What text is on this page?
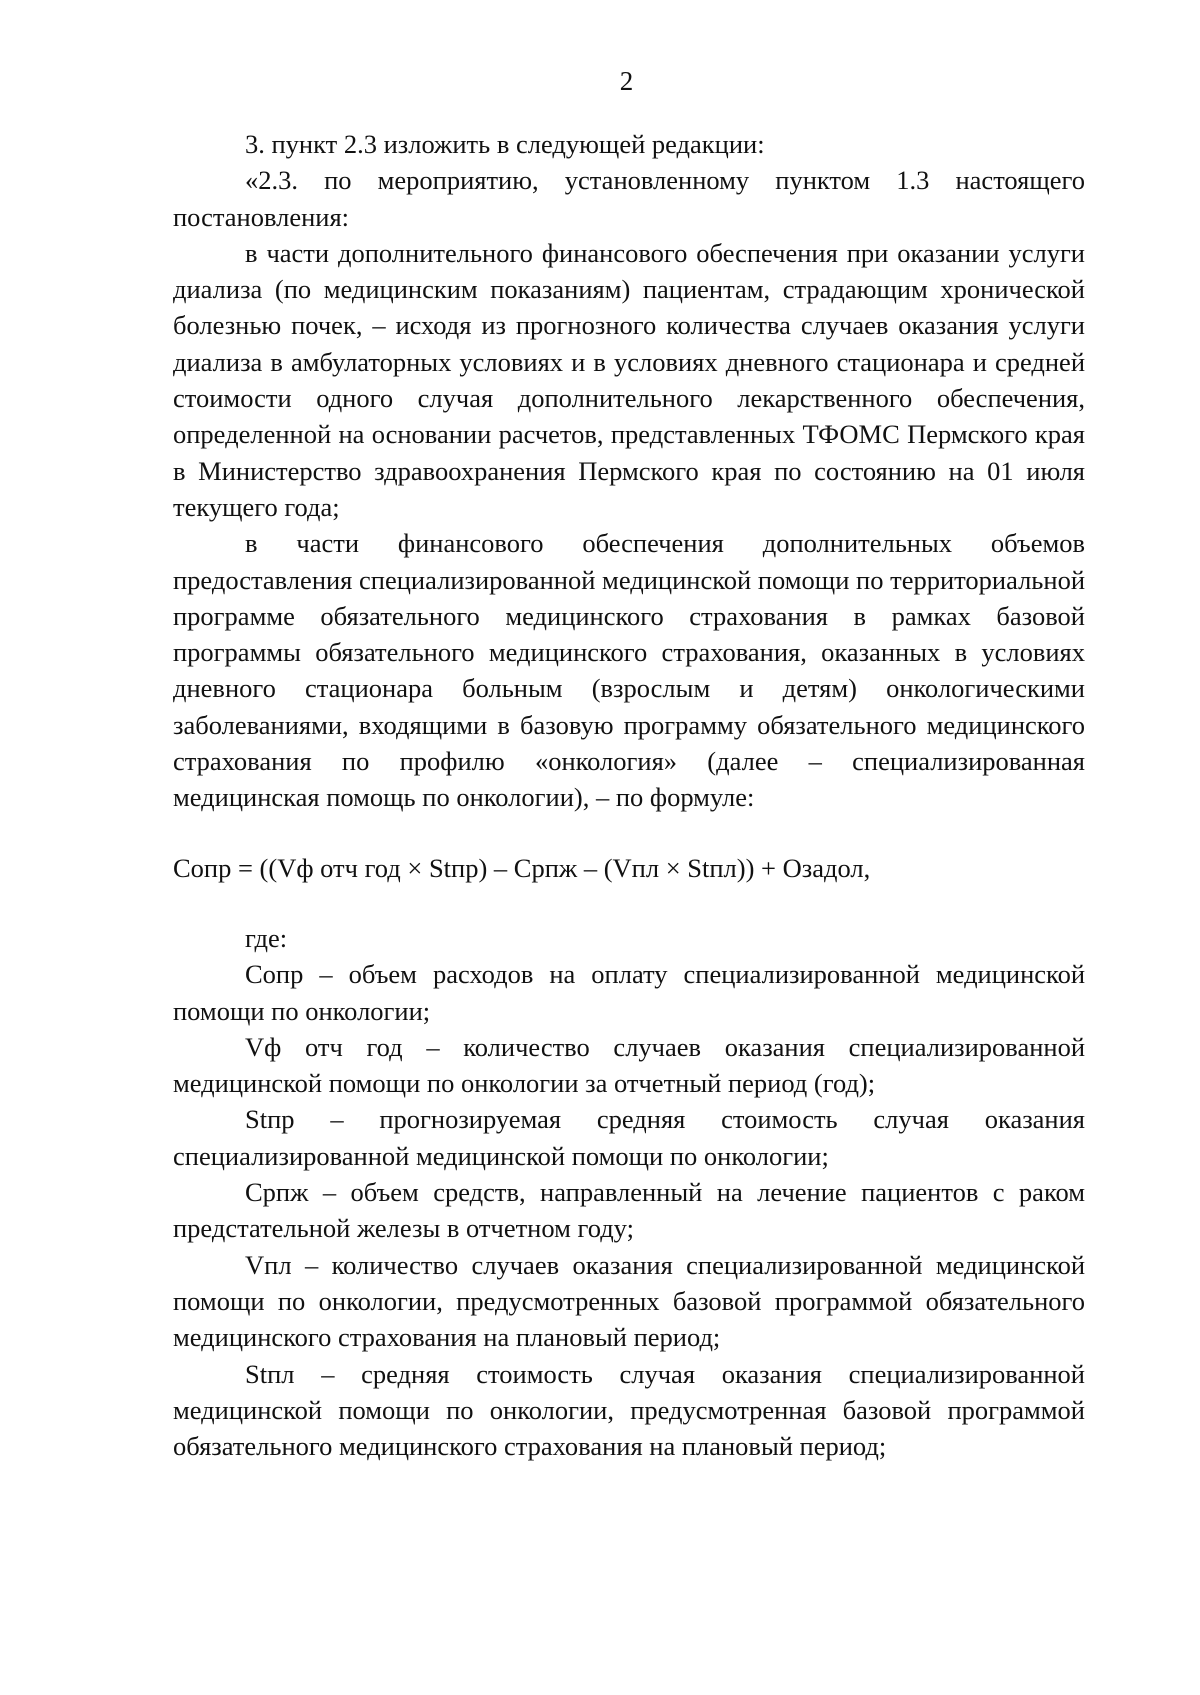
2

3. пункт 2.3 изложить в следующей редакции:

«2.3. по мероприятию, установленному пунктом 1.3 настоящего постановления:

в части дополнительного финансового обеспечения при оказании услуги диализа (по медицинским показаниям) пациентам, страдающим хронической болезнью почек, – исходя из прогнозного количества случаев оказания услуги диализа в амбулаторных условиях и в условиях дневного стационара и средней стоимости одного случая дополнительного лекарственного обеспечения, определенной на основании расчетов, представленных ТФОМС Пермского края в Министерство здравоохранения Пермского края по состоянию на 01 июля текущего года;

в части финансового обеспечения дополнительных объемов предоставления специализированной медицинской помощи по территориальной программе обязательного медицинского страхования в рамках базовой программы обязательного медицинского страхования, оказанных в условиях дневного стационара больным (взрослым и детям) онкологическими заболеваниями, входящими в базовую программу обязательного медицинского страхования по профилю «онкология» (далее – специализированная медицинская помощь по онкологии), – по формуле:

Сопр = ((Vф отч год × Stпр) – Српж – (Vпл × Stпл)) + Озадол,

где:

Сопр – объем расходов на оплату специализированной медицинской помощи по онкологии;

Vф отч год – количество случаев оказания специализированной медицинской помощи по онкологии за отчетный период (год);

Stпр – прогнозируемая средняя стоимость случая оказания специализированной медицинской помощи по онкологии;

Српж – объем средств, направленный на лечение пациентов с раком предстательной железы в отчетном году;

Vпл – количество случаев оказания специализированной медицинской помощи по онкологии, предусмотренных базовой программой обязательного медицинского страхования на плановый период;

Stпл – средняя стоимость случая оказания специализированной медицинской помощи по онкологии, предусмотренная базовой программой обязательного медицинского страхования на плановый период;
